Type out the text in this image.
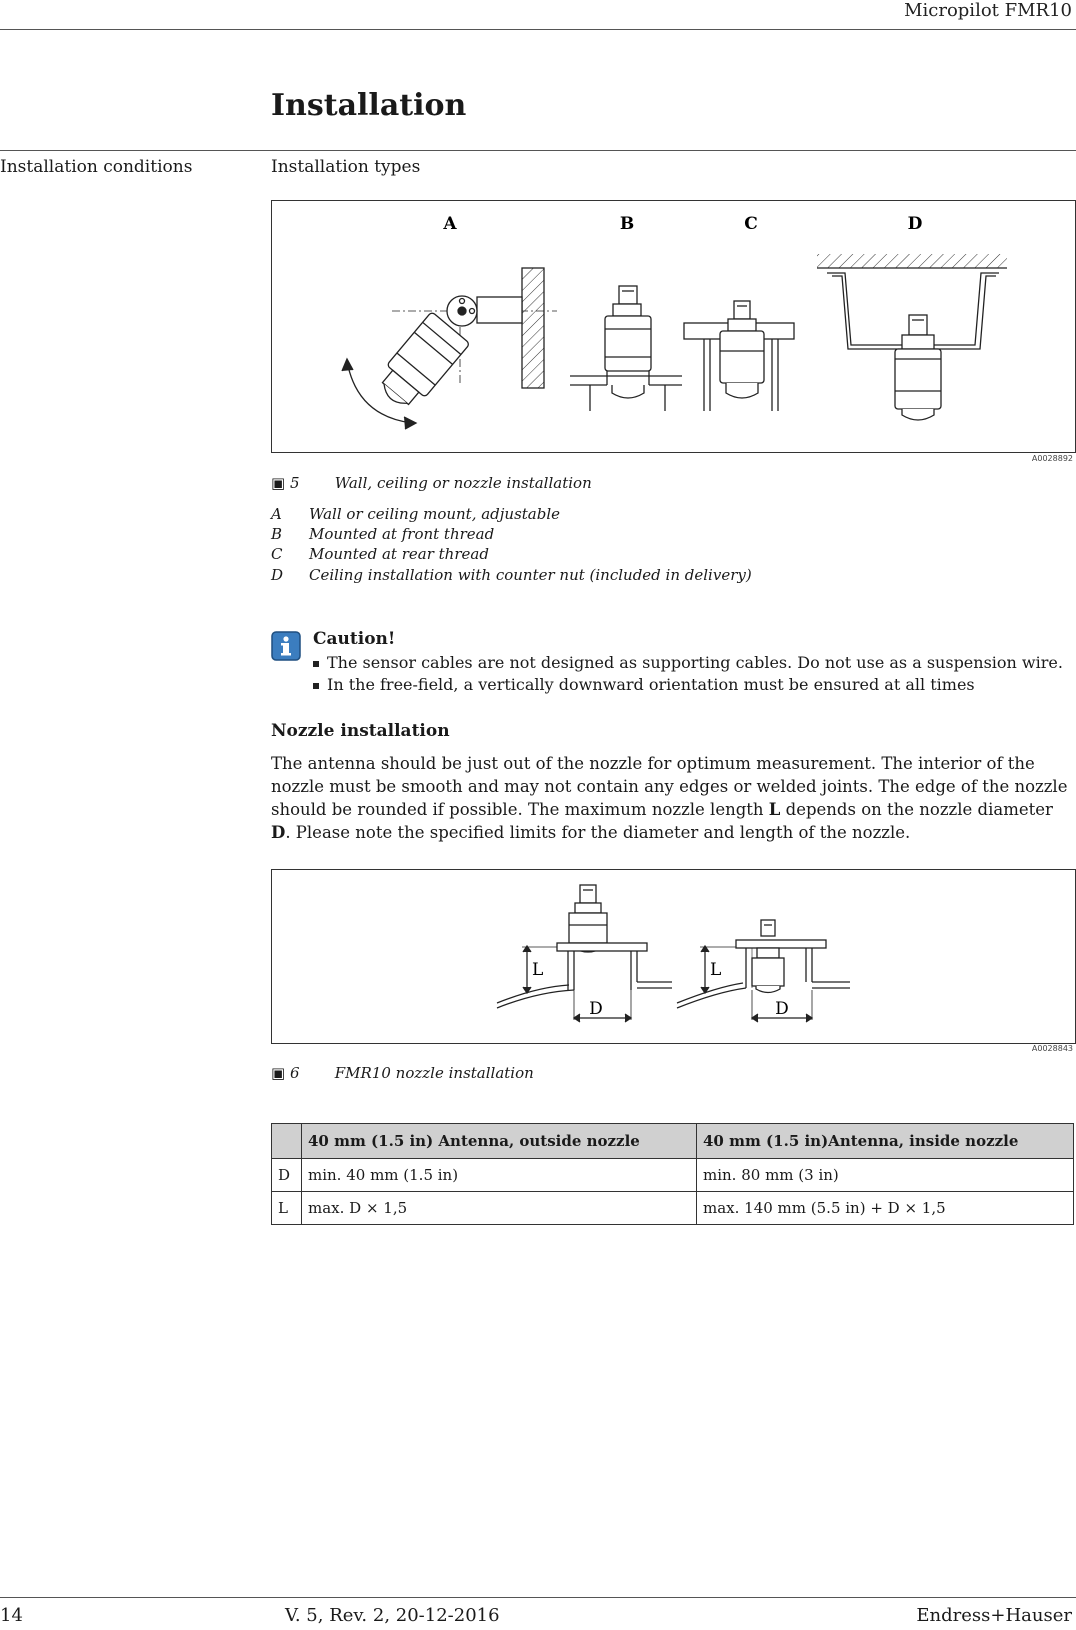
Micropilot FMR10
Installation
Installation conditions	Installation types
A	B	C	D
A0028892
▣ 5 Wall, ceiling or nozzle installation
A Wall or ceiling mount, adjustable
B Mounted at front thread
C Mounted at rear thread
D Ceiling installation with counter nut (included in delivery)
Caution!
The sensor cables are not designed as supporting cables. Do not use as a suspension wire.
In the free-field, a vertically downward orientation must be ensured at all times
Nozzle installation
The antenna should be just out of the nozzle for optimum measurement. The interior of the nozzle must be smooth and may not contain any edges or welded joints. The edge of the nozzle should be rounded if possible. The maximum nozzle length L depends on the nozzle diameter D. Please note the specified limits for the diameter and length of the nozzle.
L
D
L
D
A0028843
▣ 6 FMR10 nozzle installation
	40 mm (1.5 in) Antenna, outside nozzle	40 mm (1.5 in)Antenna, inside nozzle
D	min. 40 mm (1.5 in)	min. 80 mm (3 in)
L	max. D × 1,5	max. 140 mm (5.5 in) + D × 1,5
14	V. 5, Rev. 2, 20-12-2016	Endress+Hauser
